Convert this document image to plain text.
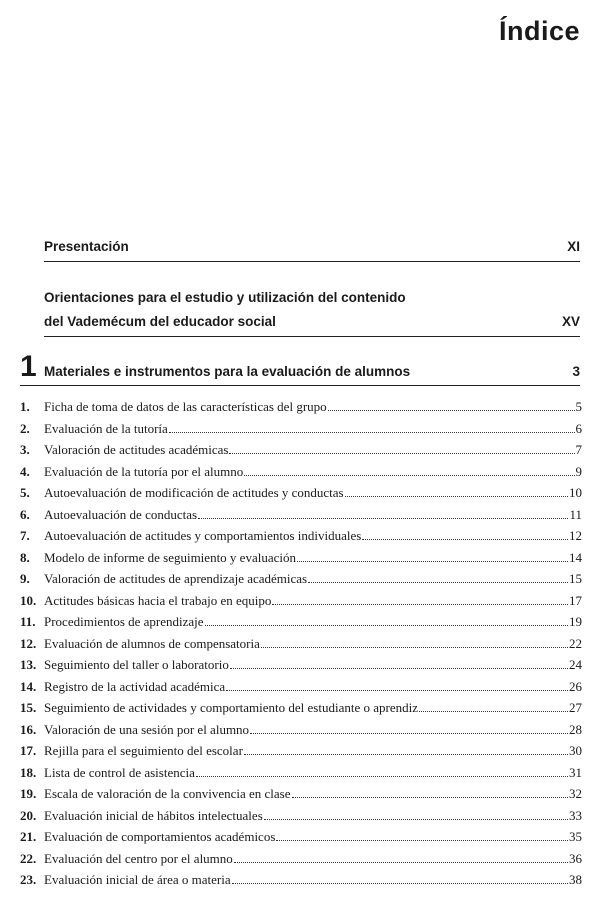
Índice
Presentación	XI
Orientaciones para el estudio y utilización del contenido
del Vademécum del educador social	XV
1 Materiales e instrumentos para la evaluación de alumnos	3
1.	Ficha de toma de datos de las características del grupo	5
2.	Evaluación de la tutoría	6
3.	Valoración de actitudes académicas	7
4.	Evaluación de la tutoría por el alumno	9
5.	Autoevaluación de modificación de actitudes y conductas	10
6.	Autoevaluación de conductas	11
7.	Autoevaluación de actitudes y comportamientos individuales	12
8.	Modelo de informe de seguimiento y evaluación	14
9.	Valoración de actitudes de aprendizaje académicas	15
10. Actitudes básicas hacia el trabajo en equipo	17
11. Procedimientos de aprendizaje	19
12. Evaluación de alumnos de compensatoria	22
13. Seguimiento del taller o laboratorio	24
14. Registro de la actividad académica	26
15. Seguimiento de actividades y comportamiento del estudiante o aprendiz	27
16. Valoración de una sesión por el alumno	28
17. Rejilla para el seguimiento del escolar	30
18. Lista de control de asistencia	31
19. Escala de valoración de la convivencia en clase	32
20. Evaluación inicial de hábitos intelectuales	33
21. Evaluación de comportamientos académicos	35
22. Evaluación del centro por el alumno	36
23. Evaluación inicial de área o materia	38
